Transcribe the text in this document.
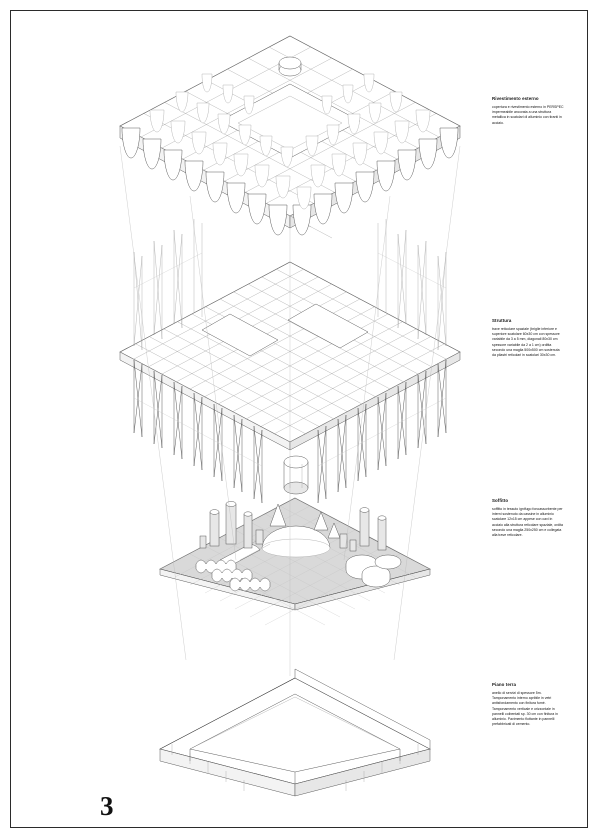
Rivestimento esterno
copertura e rivestimento esterno in PERSPEC impermeabile ancorata a una struttura metallica in scatolari di alluminio con tiranti in acciaio.
Struttura
trave reticolare spaziale (briglie inferiore e superiore scatolare 60x30 cm con spessore variabile da 3 a 5 mm, diagonali 80x30 cm spessore variabile da 2 a 1 cm) orditta secondo una maglia 500x500 cm sostenuta da pilastri reticolari in scatolari 30x30 cm.
Soffitto
soffitto in tessuto ignifugo fonoassorbente per interni sostenuto da cassine in alluminio scatolare 12x15 cm appese con cavi in acciaio alla struttura reticolare spaziale, ordita secondo una maglia 250x250 cm e collegata alla trave reticolare.
Piano terra
anello di servizi di spessore 5m. Tamponamento interno apribile in vetri antisfondamento con finitura fumé. Tamponamento verticale e orizzontale in pannelli coibentati sp. 30 cm con finitura in alluminio. Pavimento flottante in pannelli prefabbricati di cemento.
3
